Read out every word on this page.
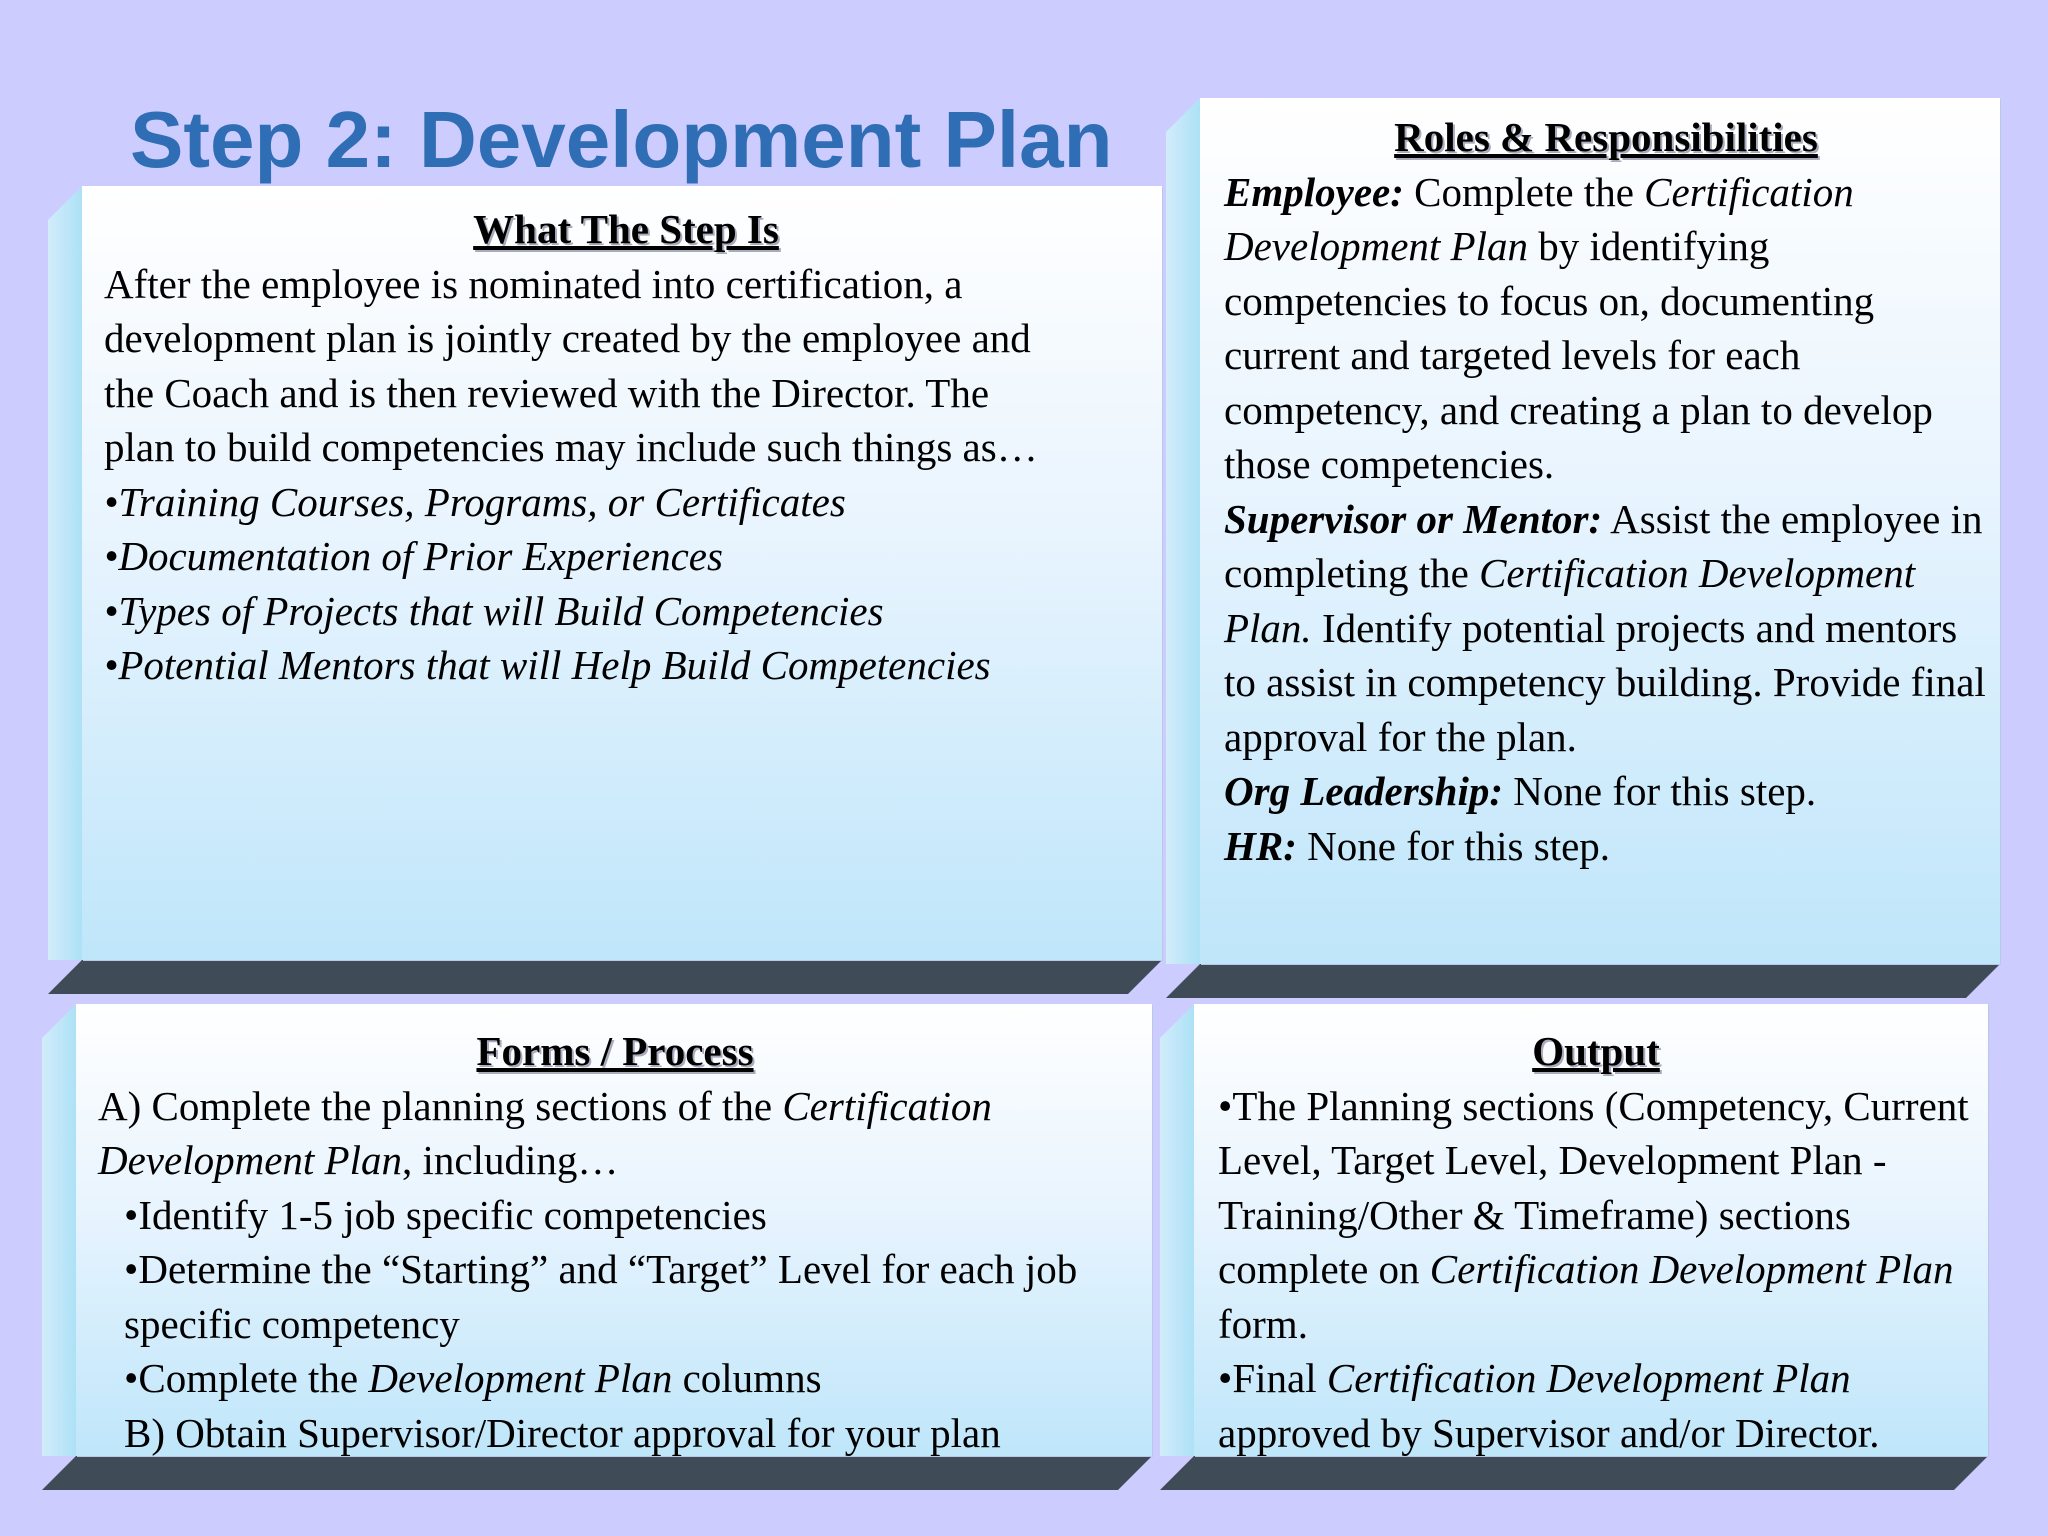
Step 2: Development Plan
What The Step Is
After the employee is nominated into certification, a
development plan is jointly created by the employee and
the Coach and is then reviewed with the Director. The
plan to build competencies may include such things as…
•Training Courses, Programs, or Certificates
•Documentation of Prior Experiences
•Types of Projects that will Build Competencies
•Potential Mentors that will Help Build Competencies
Roles & Responsibilities
Employee: Complete the Certification Development Plan by identifying competencies to focus on, documenting current and targeted levels for each competency, and creating a plan to develop those competencies.
Supervisor or Mentor: Assist the employee in completing the Certification Development Plan. Identify potential projects and mentors to assist in competency building. Provide final approval for the plan.
Org Leadership: None for this step.
HR: None for this step.
Forms / Process
A) Complete the planning sections of the Certification Development Plan, including…
•Identify 1-5 job specific competencies
•Determine the “Starting” and “Target” Level for each job specific competency
•Complete the Development Plan columns
B) Obtain Supervisor/Director approval for your plan
Output
•The Planning sections (Competency, Current Level, Target Level, Development Plan - Training/Other & Timeframe) sections complete on Certification Development Plan form.
•Final Certification Development Plan approved by Supervisor and/or Director.
